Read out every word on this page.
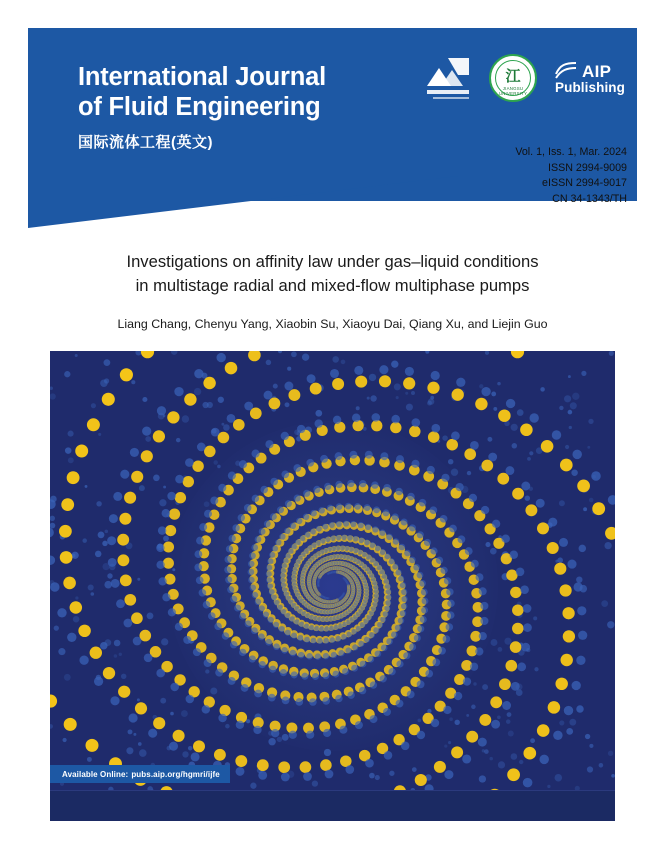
International Journal
of Fluid Engineering
国际流体工程(英文)
江
JIANGSU UNIVERSITY
AIP
Publishing
Vol. 1, Iss. 1, Mar. 2024
ISSN 2994-9009
eISSN 2994-9017
CN 34-1343/TH
Investigations on affinity law under gas–liquid conditions
in multistage radial and mixed-flow multiphase pumps
Liang Chang, Chenyu Yang, Xiaobin Su, Xiaoyu Dai, Qiang Xu, and Liejin Guo
Available Online: pubs.aip.org/hgmri/ijfe
